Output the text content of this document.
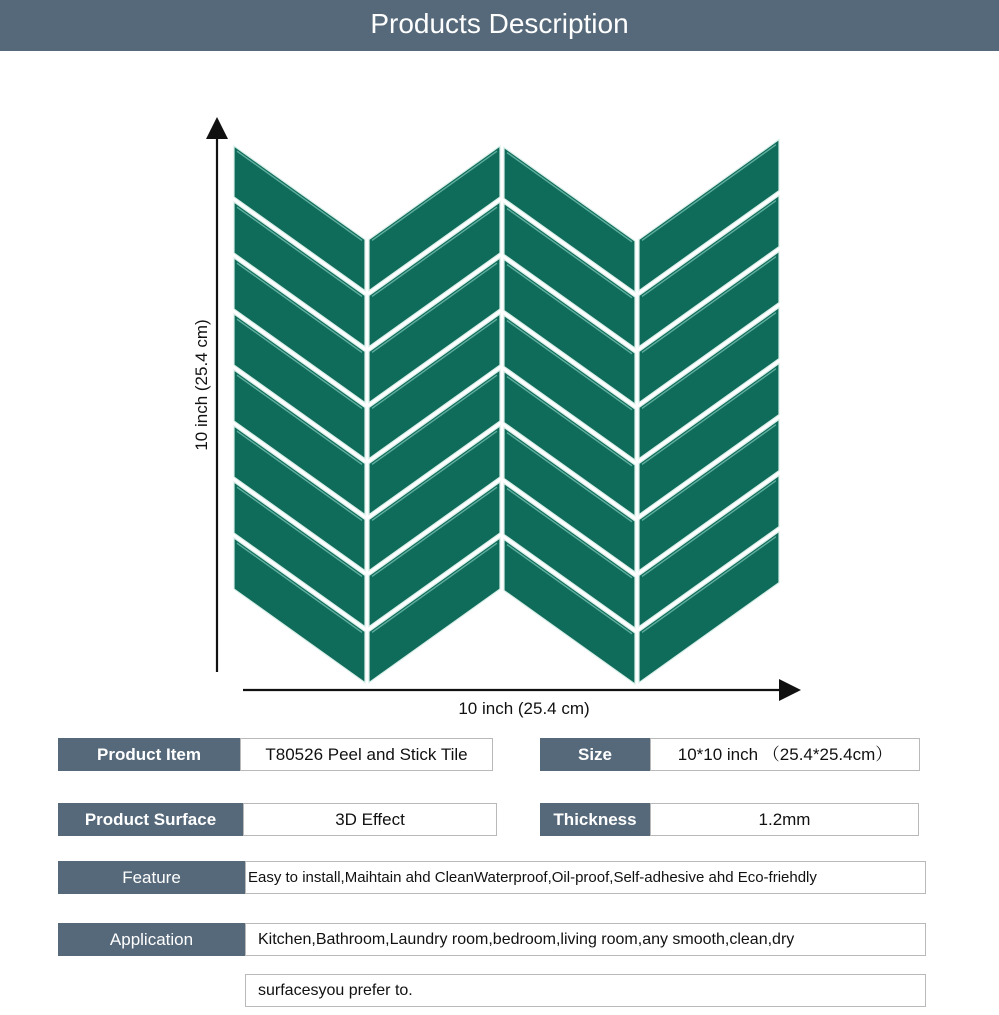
Products Description
10 inch (25.4 cm)
10 inch (25.4 cm)
Product Item	T80526 Peel and Stick Tile	Size	10*10 inch （25.4*25.4cm）
Product Surface	3D Effect	Thickness	1.2mm
Feature	Easy to install,Maihtain ahd CleanWaterproof,Oil-proof,Self-adhesive ahd Eco-friehdly
Application	Kitchen,Bathroom,Laundry room,bedroom,living room,any smooth,clean,dry
surfacesyou prefer to.
